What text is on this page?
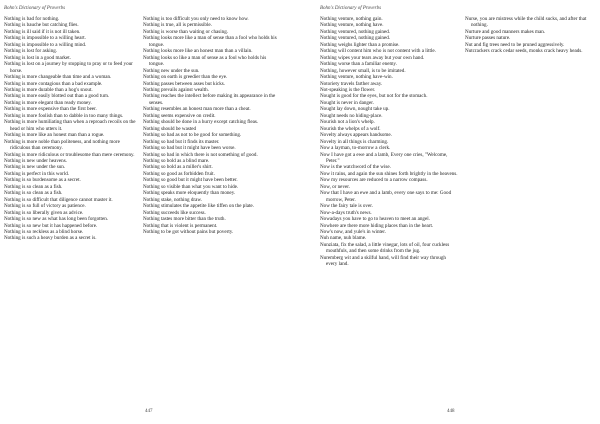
Bohn's Dictionary of Proverbs

Nothing is bad for nothing.

Nothing is bauche but catching flies.

Nothing is ill said if it is not ill taken.

Nothing is impossible to a willing heart.

Nothing is impossible to a willing mind.

Nothing is lost for asking.

Nothing is lost in a good market.

Nothing is lost on a journey by stopping to pray or to feed your horse.

Nothing is more changeable than time and a woman.

Nothing is more contagious than a bad example.

Nothing is more durable than a hog's snout.

Nothing is more easily blotted out than a good turn.

Nothing is more elegant than ready money.

Nothing is more expensive than the first beer.

Nothing is more foolish than to dabble in too many things.

Nothing is more humiliating than when a reproach recoils on the head or him who utters it.

Nothing is more like an honest man than a rogue.

Nothing is more noble than politeness, and nothing more ridiculous than ceremony.

Nothing is more ridiculous or troublesome than mere ceremony.

Nothing is new under heavens.

Nothing is new under the sun.

Nothing is perfect in this world.

Nothing is so burdensome as a secret.

Nothing is so clean as a fish.

Nothing is so clean as a fish.

Nothing is so difficult that diligence cannot master it.

Nothing is so full of victory as patience.

Nothing is so liberally given as advice.

Nothing is so new as what has long been forgotten.

Nothing is so new but it has happened before.

Nothing is so reckless as a blind horse.

Nothing is such a heavy burden as a secret is.

Nothing is too difficult you only need to know how.

Nothing is true, all is permissible.

Nothing is worse than waiting or chasing.

Nothing looks more like a man of sense than a fool who holds his tongue.

Nothing looks more like an honest man than a villain.

Nothing looks so like a man of sense as a fool who holds his tongue.

Nothing new under the sun.

Nothing on earth is greedier than the eye.

Nothing passes between asses but kicks.

Nothing prevails against wealth.

Nothing reaches the intellect before making its appearance in the senses.

Nothing resembles an honest man more than a cheat.

Nothing seems expensive on credit.

Nothing should be done in a hurry except catching fleas.

Nothing should be wasted

Nothing so bad as not to be good for something.

Nothing so bad but it finds its master.

Nothing so bad but it might have been worse.

Nothing so bad in which there is not something of good.

Nothing so bold as a blind mare.

Nothing so bold as a miller's shirt.

Nothing so good as forbidden fruit.

Nothing so good but it might have been better.

Nothing so visible than what you want to hide.

Nothing speaks more eloquently than money.

Nothing stake, nothing draw.

Nothing stimulates the appetite like tiffen on the plate.

Nothing succeeds like success.

Nothing tastes more bitter than the truth.

Nothing that is violent is permanent.

Nothing to be got without pains but poverty.

447
Bohn's Dictionary of Proverbs

Nothing venture, nothing gain.

Nothing venture, nothing have.

Nothing ventured, nothing gained.

Nothing ventured, nothing gained.

Nothing weighs lighter than a promise.

Nothing will content him who is not content with a little.

Nothing wipes your tears away but your own hand.

Nothing worse than a familiar enemy.

Nothing, however small, is to be imitated.

Nothing venture, nothing have-win.

Notoriety travels farther away.

Not-speaking is the flower.

Nought is good for the eyes, but not for the stomach.

Nought is never in danger.

Nought lay down, nought take up.

Nought needs no hiding-place.

Nourish not a lion's whelp.

Nourish the whelps of a wolf.

Novelty always appears handsome.

Novelty in all things is charming.

Now a layman, to-morrow a clerk.

Now I have got a ewe and a lamb, Every one cries, "Welcome, Peter."

Now is the watchword of the wise.

Now it rains, and again the sun shines forth brightly in the heavens.

Now my resources are reduced to a narrow compass.

Now, or never.

Now that I have an ewe and a lamb, every one says to me: Good morrow, Peter.

Now the fairy tale is over.

Now-a-days truth's news.

Nowadays you have to go to heaven to meet an angel.

Nowhere are there more hiding places than in the heart.

Now's now, and yule's in winter.

Nuh name, nuh blame.

Nunziata, fix the salad, a little vinegar, lots of oil, four cuckless mouthfuls, and then some drinks from the jug.

Nuremberg wit and a skilful hand, will find their way through every land.

Nurse, you are mistress while the child sucks, and after that nothing.

Nurture and good manners makes man.

Nurture passes nature.

Nut and fig trees need to be pruned aggressively.

Nutcrackers crack cedar seeds, monks crack heavy heads.

448
